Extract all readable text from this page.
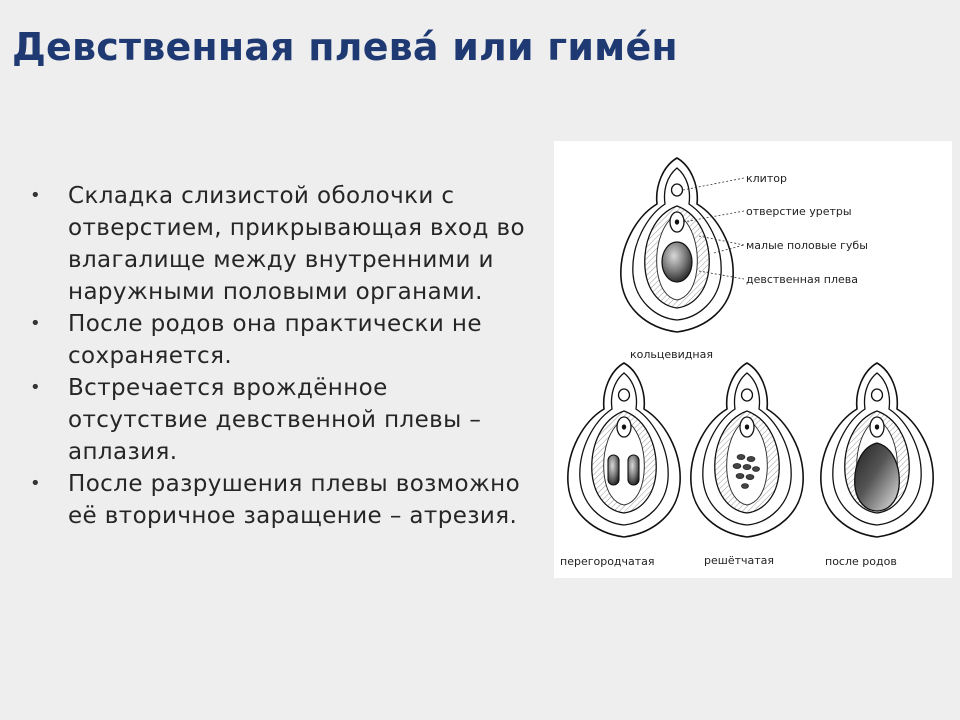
Девственная плева́ или гиме́н
• Складка слизистой оболочки с отверстием, прикрывающая вход во влагалище между внутренними и наружными половыми органами.
• После родов она практически не сохраняется.
• Встречается врождённое отсутствие девственной плевы –аплазия.
• После разрушения плевы возможно её вторичное заращение – атрезия.
клитор
отверстие уретры
малые половые губы
девственная плева
кольцевидная
перегородчатая	решётчатая	после родов
